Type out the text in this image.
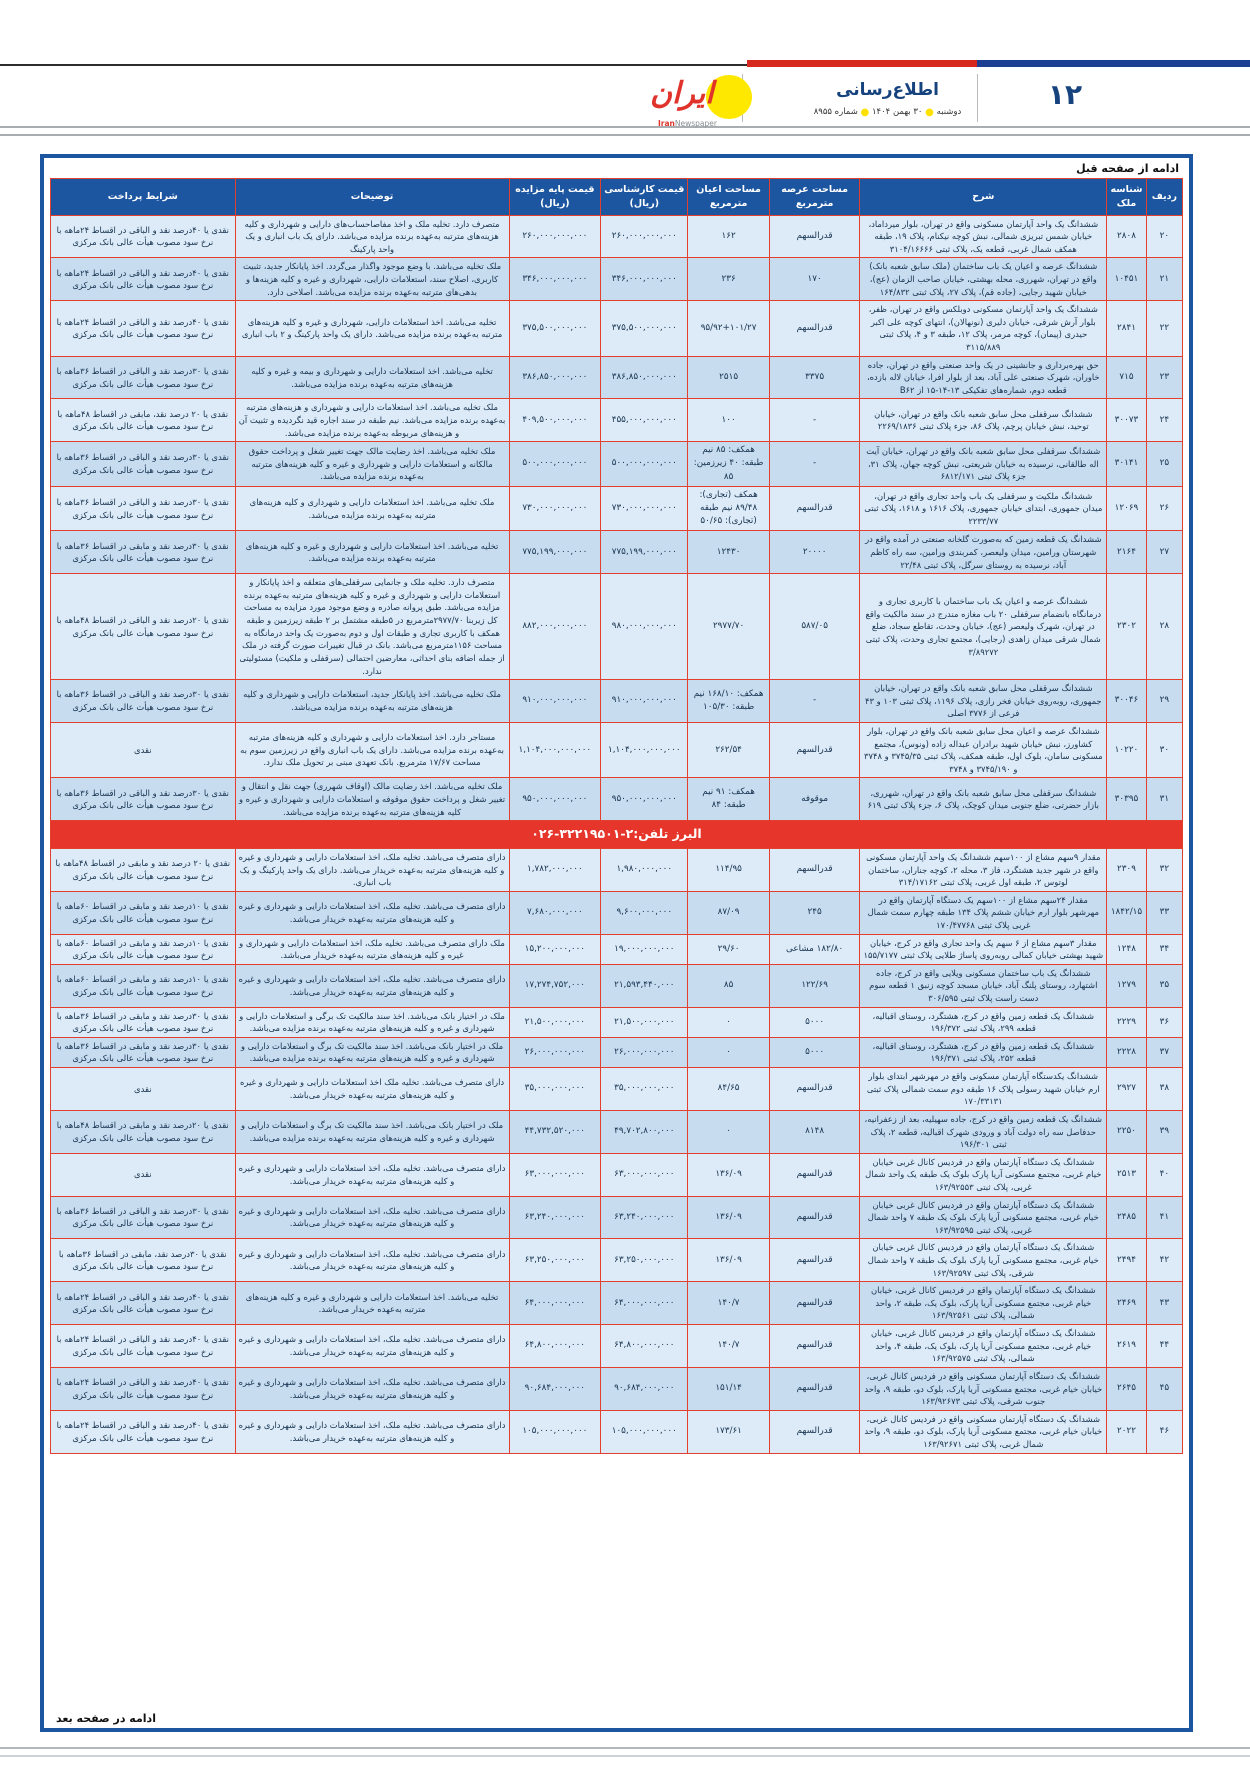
۱۲
اطلاع‌رسانی
دوشنبه ● ۳۰ بهمن ۱۴۰۴ ● شماره ۸۹۵۵
ایران
IranNewspaper
ادامه از صفحه قبل
ردیف	شناسه ملک	شرح	مساحت عرصه مترمربع	مساحت اعیان مترمربع	قیمت کارشناسی (ریال)	قیمت پایه مزایده (ریال)	توضیحات	شرایط پرداخت
۲۰	۲۸۰۸	ششدانگ یک واحد آپارتمان مسکونی واقع در تهران، بلوار میرداماد، خیابان شمس تبریزی شمالی، نبش کوچه نیکنام، پلاک ۱۹، طبقه همکف شمال غربی، قطعه یک، پلاک ثبتی ۳۱۰۴/۱۶۶۶۶	قدرالسهم	۱۶۲	۲۶۰,۰۰۰,۰۰۰,۰۰۰	۲۶۰,۰۰۰,۰۰۰,۰۰۰	متصرف دارد. تخلیه ملک و اخذ مفاصاحساب‌های دارایی و شهرداری و کلیه هزینه‌های مترتبه به‌عهده برنده مزایده می‌باشد. دارای یک باب انباری و یک واحد پارکینگ	نقدی یا ۴۰درصد نقد و الباقی در اقساط ۲۴ماهه با نرخ سود مصوب هیأت عالی بانک مرکزی
۲۱	۱۰۴۵۱	ششدانگ عرصه و اعیان یک باب ساختمان (ملک سابق شعبه بانک) واقع در تهران، شهرری، محله بهشتی، خیابان صاحب الزمان (عج)، خیابان شهید رجایی، (جاده قم)، پلاک ۲۷، پلاک ثبتی ۱۶۴/۸۳۲	۱۷۰	۲۳۶	۳۴۶,۰۰۰,۰۰۰,۰۰۰	۳۴۶,۰۰۰,۰۰۰,۰۰۰	ملک تخلیه می‌باشد. با وضع موجود واگذار می‌گردد. اخذ پایانکار جدید، تثبیت کاربری، اصلاح سند، استعلامات دارایی، شهرداری و غیره و کلیه هزینه‌ها و بدهی‌های مترتبه به‌عهده برنده مزایده می‌باشد. اصلاحی دارد.	نقدی یا ۴۰درصد نقد و الباقی در اقساط ۲۴ماهه با نرخ سود مصوب هیأت عالی بانک مرکزی
۲۲	۲۸۴۱	ششدانگ یک واحد آپارتمان مسکونی دوبلکس واقع در تهران، ظفر، بلوار آرش شرقی، خیابان دلیری (نونهالان)، انتهای کوچه علی اکبر حیدری (پیمان)، کوچه مرمر، پلاک ۱۲، طبقه ۳ و ۴، پلاک ثبتی ۳۱۱۵/۸۸۹	قدرالسهم	۹۵/۹۲+۱۰۱/۲۷	۳۷۵,۵۰۰,۰۰۰,۰۰۰	۳۷۵,۵۰۰,۰۰۰,۰۰۰	تخلیه می‌باشد. اخذ استعلامات دارایی، شهرداری و غیره و کلیه هزینه‌های مترتبه به‌عهده برنده مزایده می‌باشد. دارای یک واحد پارکینگ و ۲ باب انباری	نقدی یا ۴۰درصد نقد و الباقی در اقساط ۲۴ماهه با نرخ سود مصوب هیأت عالی بانک مرکزی
۲۳	۷۱۵	حق بهره‌برداری و جانشینی در یک واحد صنعتی واقع در تهران، جاده خاوران، شهرک صنعتی علی آباد، بعد از بلوار افرا، خیابان لاله بازده، قطعه دوم، شماره‌های تفکیکی ۱۳-۱۴-۱۵ از B۶۲	۳۳۷۵	۲۵۱۵	۳۸۶,۸۵۰,۰۰۰,۰۰۰	۳۸۶,۸۵۰,۰۰۰,۰۰۰	تخلیه می‌باشد. اخذ استعلامات دارایی و شهرداری و بیمه و غیره و کلیه هزینه‌های مترتبه به‌عهده برنده مزایده می‌باشد.	نقدی یا ۳۰درصد نقد و الباقی در اقساط ۳۶ماهه با نرخ سود مصوب هیأت عالی بانک مرکزی
۲۴	۳۰۰۷۳	ششدانگ سرقفلی محل سابق شعبه بانک واقع در تهران، خیابان توحید، نبش خیابان پرچم، پلاک ۸۶، جزء پلاک ثبتی ۲۲۶۹/۱۸۳۶	-	۱۰۰	۴۵۵,۰۰۰,۰۰۰,۰۰۰	۴۰۹,۵۰۰,۰۰۰,۰۰۰	ملک تخلیه می‌باشد. اخذ استعلامات دارایی و شهرداری و هزینه‌های مترتبه به‌عهده برنده مزایده می‌باشد. نیم طبقه در سند اجاره قید نگردیده و تثبیت آن و هزینه‌های مربوطه به‌عهده برنده مزایده می‌باشد.	نقدی یا ۲۰ درصد نقد، مابقی در اقساط ۴۸ماهه با نرخ سود مصوب هیأت عالی بانک مرکزی
۲۵	۳۰۱۴۱	ششدانگ سرقفلی محل سابق شعبه بانک واقع در تهران، خیابان آیت اله طالقانی، نرسیده به خیابان شریعتی، نبش کوچه جهان، پلاک ۳۱، جزء پلاک ثبتی ۶۸۱۲/۱۷۱	-	همکف: ۸۵ نیم طبقه: ۴۰ زیرزمین: ۸۵	۵۰۰,۰۰۰,۰۰۰,۰۰۰	۵۰۰,۰۰۰,۰۰۰,۰۰۰	ملک تخلیه می‌باشد. اخذ رضایت مالک جهت تغییر شغل و پرداخت حقوق مالکانه و استعلامات دارایی و شهرداری و غیره و کلیه هزینه‌های مترتبه به‌عهده برنده مزایده می‌باشد.	نقدی یا ۳۰درصد نقد و الباقی در اقساط ۳۶ماهه با نرخ سود مصوب هیأت عالی بانک مرکزی
۲۶	۱۲۰۶۹	ششدانگ ملکیت و سرقفلی یک باب واحد تجاری واقع در تهران، میدان جمهوری، ابتدای خیابان جمهوری، پلاک ۱۶۱۶ و ۱۶۱۸، پلاک ثبتی ۲۲۳۳/۷۷	قدرالسهم	همکف (تجاری): ۸۹/۴۸ نیم طبقه (تجاری): ۵۰/۶۵	۷۳۰,۰۰۰,۰۰۰,۰۰۰	۷۳۰,۰۰۰,۰۰۰,۰۰۰	ملک تخلیه می‌باشد. اخذ استعلامات دارایی و شهرداری و کلیه هزینه‌های مترتبه به‌عهده برنده مزایده می‌باشد.	نقدی یا ۳۰درصد نقد و الباقی در اقساط ۳۶ماهه با نرخ سود مصوب هیأت عالی بانک مرکزی
۲۷	۲۱۶۴	ششدانگ یک قطعه زمین که به‌صورت گلخانه صنعتی در آمده واقع در شهرستان ورامین، میدان ولیعصر، کمربندی ورامین، سه راه کاظم آباد، نرسیده به روستای سرگل، پلاک ثبتی ۲۲/۴۸	۲۰۰۰۰	۱۲۴۳۰	۷۷۵,۱۹۹,۰۰۰,۰۰۰	۷۷۵,۱۹۹,۰۰۰,۰۰۰	تخلیه می‌باشد. اخذ استعلامات دارایی و شهرداری و غیره و کلیه هزینه‌های مترتبه به‌عهده برنده مزایده می‌باشد.	نقدی یا ۳۰درصد نقد و مابقی در اقساط ۳۶ماهه با نرخ سود مصوب هیأت عالی بانک مرکزی
۲۸	۲۳۰۲	ششدانگ عرصه و اعیان یک باب ساختمان با کاربری تجاری و درمانگاه بانضمام سرقفلی ۲۰ باب مغازه مندرج در سند مالکیت واقع در تهران، شهرک ولیعصر (عج)، خیابان وحدت، تقاطع سجاد، ضلع شمال شرقی میدان زاهدی (رجایی)، مجتمع تجاری وحدت، پلاک ثبتی ۳/۸۹۲۷۲	۵۸۷/۰۵	۲۹۷۷/۷۰	۹۸۰,۰۰۰,۰۰۰,۰۰۰	۸۸۲,۰۰۰,۰۰۰,۰۰۰	متصرف دارد. تخلیه ملک و جانمایی سرقفلی‌های متعلقه و اخذ پایانکار و استعلامات دارایی و شهرداری و غیره و کلیه هزینه‌های مترتبه به‌عهده برنده مزایده می‌باشد. طبق پروانه صادره و وضع موجود مورد مزایده به مساحت کل زیربنا ۲۹۷۷/۷۰مترمربع در ۵طبقه مشتمل بر ۲ طبقه زیرزمین و طبقه همکف با کاربری تجاری و طبقات اول و دوم به‌صورت یک واحد درمانگاه به مساحت ۱۱۵۶مترمربع می‌باشد. بانک در قبال تغییرات صورت گرفته در ملک از جمله اضافه بنای احداثی، معارضین احتمالی (سرقفلی و ملکیت) مسئولیتی ندارد.	نقدی یا ۲۰درصد نقد و الباقی در اقساط ۴۸ماهه با نرخ سود مصوب هیأت عالی بانک مرکزی
۲۹	۳۰۰۴۶	ششدانگ سرقفلی محل سابق شعبه بانک واقع در تهران، خیابان جمهوری، روبه‌روی خیابان فخر رازی، پلاک ۱۱۹۶، پلاک ثبتی ۱۰۳ و ۴۳ فرعی از ۳۷۷۶ اصلی	-	همکف: ۱۶۸/۱۰ نیم طبقه: ۱۰۵/۳۰	۹۱۰,۰۰۰,۰۰۰,۰۰۰	۹۱۰,۰۰۰,۰۰۰,۰۰۰	ملک تخلیه می‌باشد. اخذ پایانکار جدید، استعلامات دارایی و شهرداری و کلیه هزینه‌های مترتبه به‌عهده برنده مزایده می‌باشد.	نقدی یا ۳۰درصد نقد و الباقی در اقساط ۳۶ماهه با نرخ سود مصوب هیأت عالی بانک مرکزی
۳۰	۱۰۲۲۰	ششدانگ عرصه و اعیان محل سابق شعبه بانک واقع در تهران، بلوار کشاورز، نبش خیابان شهید برادران عبداله زاده (ونوس)، مجتمع مسکونی سامان، بلوک اول، طبقه همکف، پلاک ثبتی ۳۷۴۵/۳۵ و ۳۷۴۸ و ۳۷۴۵/۱۹۰ و ۳۷۴۸	قدرالسهم	۲۶۲/۵۴	۱,۱۰۴,۰۰۰,۰۰۰,۰۰۰	۱,۱۰۴,۰۰۰,۰۰۰,۰۰۰	مستاجر دارد. اخذ استعلامات دارایی و شهرداری و کلیه هزینه‌های مترتبه به‌عهده برنده مزایده می‌باشد. دارای یک باب انباری واقع در زیرزمین سوم به مساحت ۱۷/۶۷ مترمربع. بانک تعهدی مبنی بر تحویل ملک ندارد.	نقدی
۳۱	۳۰۳۹۵	ششدانگ سرقفلی محل سابق شعبه بانک واقع در تهران، شهرری، بازار حضرتی، ضلع جنوبی میدان کوچک، پلاک ۶، جزء پلاک ثبتی ۶۱۹	موقوفه	همکف: ۹۱ نیم طبقه: ۸۴	۹۵۰,۰۰۰,۰۰۰,۰۰۰	۹۵۰,۰۰۰,۰۰۰,۰۰۰	ملک تخلیه می‌باشد. اخذ رضایت مالک (اوقاف شهرری) جهت نقل و انتقال و تغییر شغل و پرداخت حقوق موقوفه و استعلامات دارایی و شهرداری و غیره و کلیه هزینه‌های مترتبه به‌عهده برنده مزایده می‌باشد.	نقدی یا ۳۰درصد نقد و الباقی در اقساط ۳۶ماهه با نرخ سود مصوب هیأت عالی بانک مرکزی
البرز تلفن:۰۲۶-۳۲۲۱۹۵۰۱-۲								
۳۲	۲۳۰۹	مقدار ۹سهم مشاع از ۱۰۰سهم ششدانگ یک واحد آپارتمان مسکونی واقع در شهر جدید هشتگرد، فاز ۳، محله ۲، کوچه جناران، ساختمان لوتوس ۲، طبقه اول غربی، پلاک ثبتی ۳۱۴/۱۷۱۶۲	قدرالسهم	۱۱۴/۹۵	۱,۹۸۰,۰۰۰,۰۰۰	۱,۷۸۲,۰۰۰,۰۰۰	دارای متصرف می‌باشد. تخلیه ملک، اخذ استعلامات دارایی و شهرداری و غیره و کلیه هزینه‌های مترتبه به‌عهده خریدار می‌باشد. دارای یک واحد پارکینگ و یک باب انباری.	نقدی یا ۲۰ درصد نقد و مابقی در اقساط ۴۸ماهه با نرخ سود مصوب هیأت عالی بانک مرکزی
۳۳	۱۸۴۲/۱۵	مقدار ۲۴سهم مشاع از ۱۰۰سهم یک دستگاه آپارتمان واقع در مهرشهر بلوار ارم خیابان ششم پلاک ۱۳۴ طبقه چهارم سمت شمال غربی پلاک ثبتی ۱۷۰/۴۷۷۶۸	۲۴۵	۸۷/۰۹	۹,۶۰۰,۰۰۰,۰۰۰	۷,۶۸۰,۰۰۰,۰۰۰	دارای متصرف می‌باشد. تخلیه ملک، اخذ استعلامات دارایی و شهرداری و غیره و کلیه هزینه‌های مترتبه به‌عهده خریدار می‌باشد.	نقدی یا ۱۰درصد نقد و مابقی در اقساط ۶۰ماهه با نرخ سود مصوب هیأت عالی بانک مرکزی
۳۴	۱۲۴۸	مقدار ۳سهم مشاع از ۶ سهم یک واحد تجاری واقع در کرج، خیابان شهید بهشتی خیابان کمالی روبه‌روی پاساژ طلایی پلاک ثبتی ۱۵۵/۷۱۷۷	۱۸۲/۸۰ مشاعی	۲۹/۶۰	۱۹,۰۰۰,۰۰۰,۰۰۰	۱۵,۲۰۰,۰۰۰,۰۰۰	ملک دارای متصرف می‌باشد. تخلیه ملک، اخذ استعلامات دارایی و شهرداری و غیره و کلیه هزینه‌های مترتبه به‌عهده خریدار می‌باشد.	نقدی یا ۱۰درصد نقد و مابقی در اقساط ۶۰ماهه با نرخ سود مصوب هیأت عالی بانک مرکزی
۳۵	۱۲۷۹	ششدانگ یک باب ساختمان مسکونی ویلایی واقع در کرج، جاده اشتهارد، روستای پلنگ آباد، خیابان مسجد کوچه زنبق ۱ قطعه سوم دست راست پلاک ثبتی ۳۰۶/۵۹۵	۱۲۲/۶۹	۸۵	۲۱,۵۹۳,۴۴۰,۰۰۰	۱۷,۲۷۴,۷۵۲,۰۰۰	دارای متصرف می‌باشد. تخلیه ملک، اخذ استعلامات دارایی و شهرداری و غیره و کلیه هزینه‌های مترتبه به‌عهده خریدار می‌باشد.	نقدی یا ۱۰درصد نقد و مابقی در اقساط ۶۰ماهه با نرخ سود مصوب هیأت عالی بانک مرکزی
۳۶	۲۲۲۹	ششدانگ یک قطعه زمین واقع در کرج، هشتگرد، روستای اقبالیه، قطعه ۲۹۹، پلاک ثبتی ۱۹۶/۳۷۲	۵۰۰۰	۰	۲۱,۵۰۰,۰۰۰,۰۰۰	۲۱,۵۰۰,۰۰۰,۰۰۰	ملک در اختیار بانک می‌باشد. اخذ سند مالکیت تک برگی و استعلامات دارایی و شهرداری و غیره و کلیه هزینه‌های مترتبه به‌عهده برنده مزایده می‌باشد.	نقدی یا ۳۰درصد نقد و مابقی در اقساط ۳۶ماهه با نرخ سود مصوب هیأت عالی بانک مرکزی
۳۷	۲۲۲۸	ششدانگ یک قطعه زمین واقع در کرج، هشتگرد، روستای اقبالیه، قطعه ۲۵۲، پلاک ثبتی ۱۹۶/۳۷۱	۵۰۰۰	۰	۲۶,۰۰۰,۰۰۰,۰۰۰	۲۶,۰۰۰,۰۰۰,۰۰۰	ملک در اختیار بانک می‌باشد. اخذ سند مالکیت تک برگ و استعلامات دارایی و شهرداری و غیره و کلیه هزینه‌های مترتبه به‌عهده برنده مزایده می‌باشد.	نقدی یا ۳۰درصد نقد و مابقی در اقساط ۳۶ماهه با نرخ سود مصوب هیأت عالی بانک مرکزی
۳۸	۲۹۲۷	ششدانگ یکدستگاه آپارتمان مسکونی واقع در مهرشهر ابتدای بلوار ارم خیابان شهید رسولی پلاک ۱۶ طبقه دوم سمت شمالی پلاک ثبتی ۱۷۰/۳۳۱۳۱	قدرالسهم	۸۴/۶۵	۳۵,۰۰۰,۰۰۰,۰۰۰	۳۵,۰۰۰,۰۰۰,۰۰۰	دارای متصرف می‌باشد. تخلیه ملک اخذ استعلامات دارایی و شهرداری و غیره و کلیه هزینه‌های مترتبه به‌عهده خریدار می‌باشد.	نقدی
۳۹	۲۲۵۰	ششدانگ یک قطعه زمین واقع در کرج، جاده سهیلیه، بعد از زعفرانیه، حدفاصل سه راه دولت آباد و ورودی شهرک اقبالیه، قطعه ۲، پلاک ثبتی ۱۹۶/۳۰۱	۸۱۴۸	۰	۴۹,۷۰۲,۸۰۰,۰۰۰	۴۴,۷۳۲,۵۲۰,۰۰۰	ملک در اختیار بانک می‌باشد. اخذ سند مالکیت تک برگ و استعلامات دارایی و شهرداری و غیره و کلیه هزینه‌های مترتبه به‌عهده برنده مزایده می‌باشد.	نقدی یا ۲۰درصد نقد و مابقی در اقساط ۴۸ماهه با نرخ سود مصوب هیأت عالی بانک مرکزی
۴۰	۲۵۱۳	ششدانگ یک دستگاه آپارتمان واقع در فردیس کانال غربی خیابان خیام غربی، مجتمع مسکونی آریا پارک بلوک یک طبقه یک واحد شمال غربی، پلاک ثبتی ۱۶۳/۹۲۵۵۳	قدرالسهم	۱۳۶/۰۹	۶۳,۰۰۰,۰۰۰,۰۰۰	۶۳,۰۰۰,۰۰۰,۰۰۰	دارای متصرف می‌باشد. تخلیه ملک، اخذ استعلامات دارایی و شهرداری و غیره و کلیه هزینه‌های مترتبه به‌عهده خریدار می‌باشد.	نقدی
۴۱	۲۴۸۵	ششدانگ یک دستگاه آپارتمان واقع در فردیس کانال غربی خیابان خیام غربی، مجتمع مسکونی آریا پارک بلوک یک طبقه ۷ واحد شمال غربی، پلاک ثبتی ۱۶۳/۹۲۵۹۵	قدرالسهم	۱۳۶/۰۹	۶۳,۲۴۰,۰۰۰,۰۰۰	۶۳,۲۴۰,۰۰۰,۰۰۰	دارای متصرف می‌باشد. تخلیه ملک، اخذ استعلامات دارایی و شهرداری و غیره و کلیه هزینه‌های مترتبه به‌عهده خریدار می‌باشد.	نقدی یا ۳۰درصد نقد و الباقی در اقساط ۳۶ماهه با نرخ سود مصوب هیأت عالی بانک مرکزی
۴۲	۲۴۹۴	ششدانگ یک دستگاه آپارتمان واقع در فردیس کانال غربی خیابان خیام غربی، مجتمع مسکونی آریا پارک بلوک یک طبقه ۷ واحد شمال شرقی، پلاک ثبتی ۱۶۳/۹۲۵۹۷	قدرالسهم	۱۳۶/۰۹	۶۳,۲۵۰,۰۰۰,۰۰۰	۶۳,۲۵۰,۰۰۰,۰۰۰	دارای متصرف می‌باشد. تخلیه ملک، اخذ استعلامات دارایی و شهرداری و غیره و کلیه هزینه‌های مترتبه به‌عهده خریدار می‌باشد.	نقدی یا ۳۰درصد نقد، مابقی در اقساط ۳۶ماهه با نرخ سود مصوب هیأت عالی بانک مرکزی
۴۳	۲۴۶۹	ششدانگ یک دستگاه آپارتمان واقع در فردیس کانال غربی، خیابان خیام غربی، مجتمع مسکونی آریا پارک، بلوک یک، طبقه ۲، واحد شمالی، پلاک ثبتی ۱۶۳/۹۲۵۶۱	قدرالسهم	۱۴۰/۷	۶۴,۰۰۰,۰۰۰,۰۰۰	۶۴,۰۰۰,۰۰۰,۰۰۰	تخلیه می‌باشد. اخذ استعلامات دارایی و شهرداری و غیره و کلیه هزینه‌های مترتبه به‌عهده خریدار می‌باشد.	نقدی یا ۴۰درصد نقد و الباقی در اقساط ۲۴ماهه با نرخ سود مصوب هیأت عالی بانک مرکزی
۴۴	۲۶۱۹	ششدانگ یک دستگاه آپارتمان واقع در فردیس کانال غربی، خیابان خیام غربی، مجتمع مسکونی آریا پارک، بلوک یک، طبقه ۴، واحد شمالی، پلاک ثبتی ۱۶۳/۹۲۵۷۵	قدرالسهم	۱۴۰/۷	۶۴,۸۰۰,۰۰۰,۰۰۰	۶۴,۸۰۰,۰۰۰,۰۰۰	دارای متصرف می‌باشد. تخلیه ملک، اخذ استعلامات دارایی و شهرداری و غیره و کلیه هزینه‌های مترتبه به‌عهده خریدار می‌باشد.	نقدی یا ۴۰درصد نقد و الباقی در اقساط ۲۴ماهه با نرخ سود مصوب هیأت عالی بانک مرکزی
۴۵	۲۶۴۵	ششدانگ یک دستگاه آپارتمان مسکونی واقع در فردیس کانال غربی، خیابان خیام غربی، مجتمع مسکونی آریا پارک، بلوک دو، طبقه ۹، واحد جنوب شرقی، پلاک ثبتی ۱۶۳/۹۲۶۷۳	قدرالسهم	۱۵۱/۱۴	۹۰,۶۸۴,۰۰۰,۰۰۰	۹۰,۶۸۴,۰۰۰,۰۰۰	دارای متصرف می‌باشد. تخلیه ملک، اخذ استعلامات دارایی و شهرداری و غیره و کلیه هزینه‌های مترتبه به‌عهده خریدار می‌باشد.	نقدی یا ۴۰درصد نقد و الباقی در اقساط ۲۴ماهه با نرخ سود مصوب هیأت عالی بانک مرکزی
۴۶	۲۰۲۲	ششدانگ یک دستگاه آپارتمان مسکونی واقع در فردیس کانال غربی، خیابان خیام غربی، مجتمع مسکونی آریا پارک، بلوک دو، طبقه ۹، واحد شمال غربی، پلاک ثبتی ۱۶۳/۹۲۶۷۱	قدرالسهم	۱۷۳/۶۱	۱۰۵,۰۰۰,۰۰۰,۰۰۰	۱۰۵,۰۰۰,۰۰۰,۰۰۰	دارای متصرف می‌باشد. تخلیه ملک، اخذ استعلامات دارایی و شهرداری و غیره و کلیه هزینه‌های مترتبه به‌عهده خریدار می‌باشد.	نقدی یا ۴۰درصد نقد و الباقی در اقساط ۲۴ماهه با نرخ سود مصوب هیأت عالی بانک مرکزی
ادامه در صفحه بعد
